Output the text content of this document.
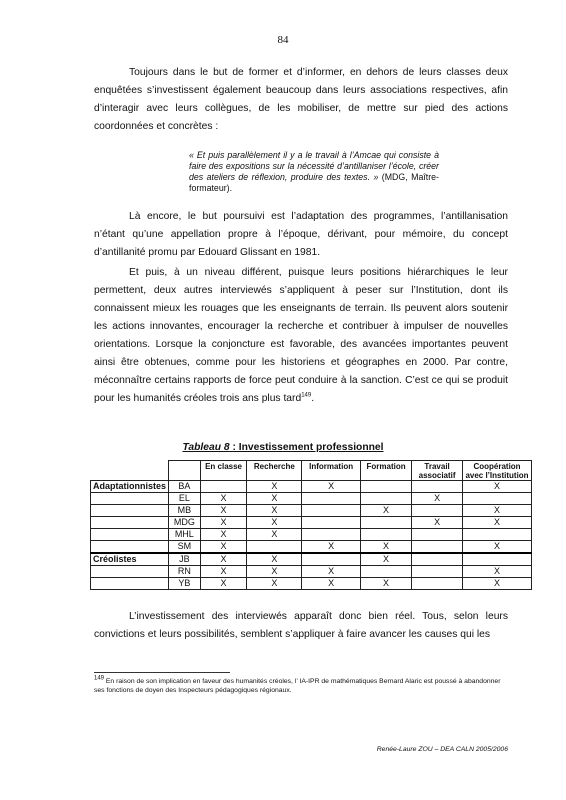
84

Toujours dans le but de former et d’informer, en dehors de leurs classes deux enquêtées s’investissent également beaucoup dans leurs associations respectives, afin d’interagir avec leurs collègues, de les mobiliser, de mettre sur pied des actions coordonnées et concrètes :

« Et puis parallèlement il y a le travail à l’Amcae qui consiste à faire des expositions sur la nécessité d’antillaniser l’école, créer des ateliers de réflexion, produire des textes. » (MDG, Maître-formateur).

Là encore, le but poursuivi est l’adaptation des programmes, l’antillanisation n’étant qu’une appellation propre à l’époque, dérivant, pour mémoire, du concept d’antillanité promu par Edouard Glissant en 1981.

Et puis, à un niveau différent, puisque leurs positions hiérarchiques le leur permettent, deux autres interviewés s’appliquent à peser sur l’Institution, dont ils connaissent mieux les rouages que les enseignants de terrain. Ils peuvent alors soutenir les actions innovantes, encourager la recherche et contribuer à impulser de nouvelles orientations. Lorsque la conjoncture est favorable, des avancées importantes peuvent ainsi être obtenues, comme pour les historiens et géographes en 2000. Par contre, méconnaître certains rapports de force peut conduire à la sanction. C’est ce qui se produit pour les humanités créoles trois ans plus tard$^{149}$.

Tableau 8 : Investissement professionnel
		En classe	Recherche	Information	Formation	Travail associatif	Coopération avec l’Institution
Adaptationnistes	BA		X	X			X
	EL	X	X			X	
	MB	X	X		X		X
	MDG	X	X			X	X
	MHL	X	X				
	SM	X		X	X		X
Créolistes	JB	X	X		X		
	RN	X	X	X			X
	YB	X	X	X	X		X
L’investissement des interviewés apparaît donc bien réel. Tous, selon leurs convictions et leurs possibilités, semblent s’appliquer à faire avancer les causes qui les

$^{149}$ En raison de son implication en faveur des humanités créoles, l’ IA-IPR de mathématiques Bernard Alaric est poussé à abandonner ses fonctions de doyen des Inspecteurs pédagogiques régionaux.

Renée-Laure ZOU – DEA CALN 2005/2006
